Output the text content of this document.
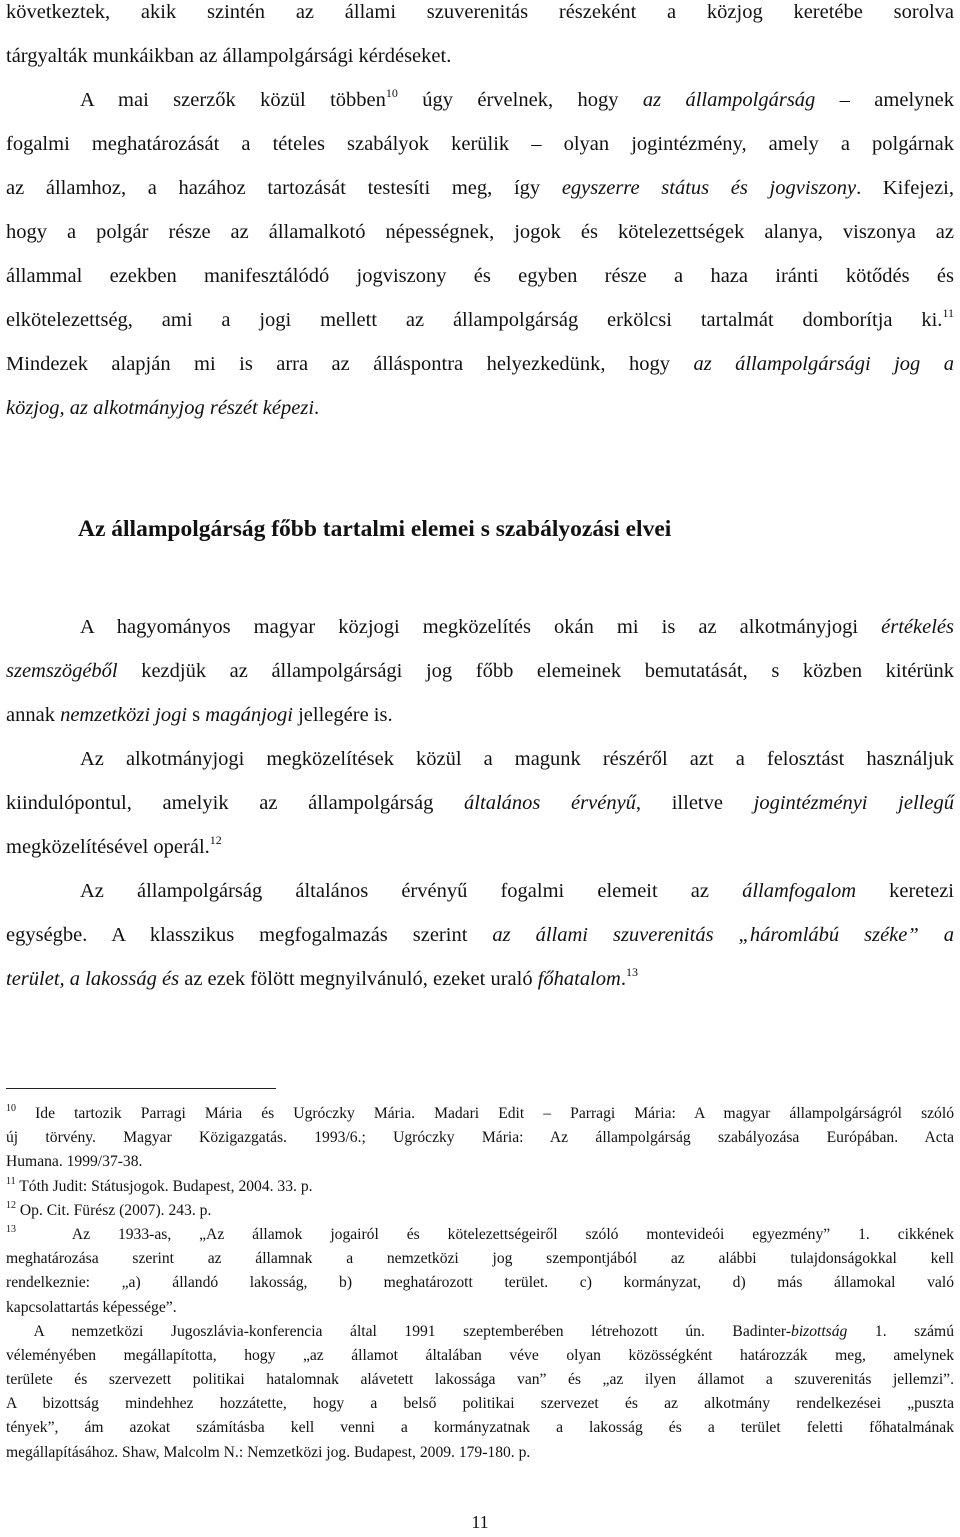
következtek, akik szintén az állami szuverenitás részeként a közjog keretébe sorolva
tárgyalták munkáikban az állampolgársági kérdéseket.
A mai szerzők közül többen$^{10}$ úgy érvelnek, hogy az állampolgárság – amelynek
fogalmi meghatározását a tételes szabályok kerülik – olyan jogintézmény, amely a polgárnak
az államhoz, a hazához tartozását testesíti meg, így egyszerre státus és jogviszony. Kifejezi,
hogy a polgár része az államalkotó népességnek, jogok és kötelezettségek alanya, viszonya az
állammal ezekben manifesztálódó jogviszony és egyben része a haza iránti kötődés és
elkötelezettség, ami a jogi mellett az állampolgárság erkölcsi tartalmát domborítja ki.$^{11}$
Mindezek alapján mi is arra az álláspontra helyezkedünk, hogy az állampolgársági jog a
közjog, az alkotmányjog részét képezi.
Az állampolgárság főbb tartalmi elemei s szabályozási elvei
A hagyományos magyar közjogi megközelítés okán mi is az alkotmányjogi értékelés
szemszögéből kezdjük az állampolgársági jog főbb elemeinek bemutatását, s közben kitérünk
annak nemzetközi jogi s magánjogi jellegére is.
Az alkotmányjogi megközelítések közül a magunk részéről azt a felosztást használjuk
kiindulópontul, amelyik az állampolgárság általános érvényű, illetve jogintézményi jellegű
megközelítésével operál.$^{12}$
Az állampolgárság általános érvényű fogalmi elemeit az államfogalom keretezi
egységbe. A klasszikus megfogalmazás szerint az állami szuverenitás „háromlábú széke” a
terület, a lakosság és az ezek fölött megnyilvánuló, ezeket uraló főhatalom.$^{13}$
$^{10}$ Ide tartozik Parragi Mária és Ugróczky Mária. Madari Edit – Parragi Mária: A magyar állampolgárságról szóló
új törvény. Magyar Közigazgatás. 1993/6.; Ugróczky Mária: Az állampolgárság szabályozása Európában. Acta
Humana. 1999/37-38.
$^{11}$ Tóth Judit: Státusjogok. Budapest, 2004. 33. p.
$^{12}$ Op. Cit. Fürész (2007). 243. p.
$^{13}$  Az 1933-as, „Az államok jogairól és kötelezettségeiről szóló montevideói egyezmény” 1. cikkének
meghatározása szerint az államnak a nemzetközi jog szempontjából az alábbi tulajdonságokkal kell
rendelkeznie: „a) állandó lakosság, b) meghatározott terület. c) kormányzat, d) más államokal való
kapcsolattartás képessége”.
A nemzetközi Jugoszlávia-konferencia által 1991 szeptemberében létrehozott ún. Badinter-bizottság 1. számú
véleményében megállapította, hogy „az államot általában véve olyan közösségként határozzák meg, amelynek
területe és szervezett politikai hatalomnak alávetett lakossága van” és „az ilyen államot a szuverenitás jellemzi”.
A bizottság mindehhez hozzátette, hogy a belső politikai szervezet és az alkotmány rendelkezései „puszta
tények”, ám azokat számításba kell venni a kormányzatnak a lakosság és a terület feletti főhatalmának
megállapításához. Shaw, Malcolm N.: Nemzetközi jog. Budapest, 2009. 179-180. p.
11
